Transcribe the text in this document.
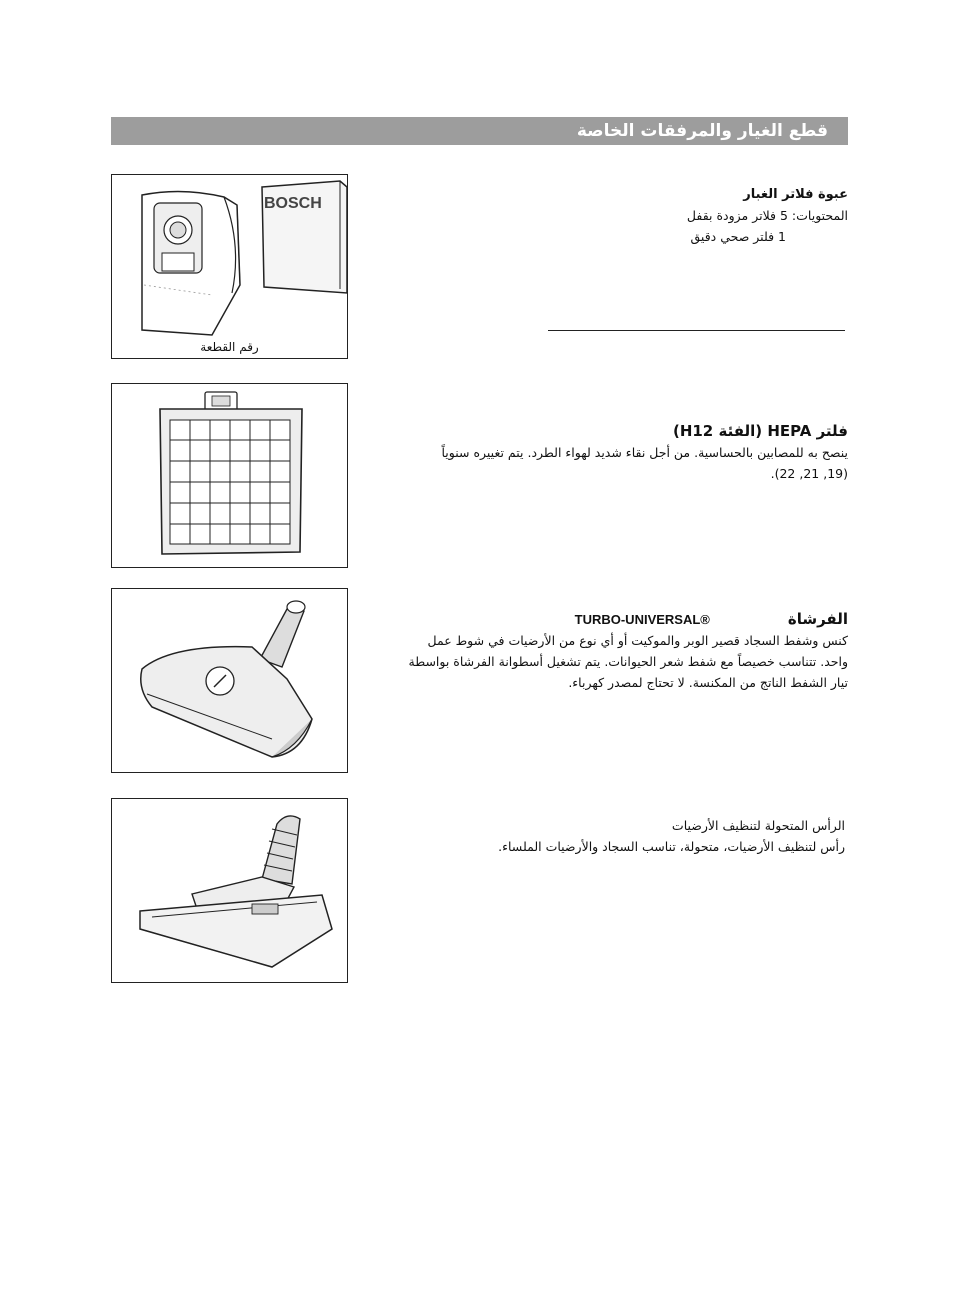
قطع الغيار والمرفقات الخاصة
BOSCH
رقم القطعة
عبوة فلاتر الغبار
المحتويات: 5 فلاتر مزودة بقفل
1 فلتر صحي دقيق
فلتر HEPA (الفئة H12)
ينصح به للمصابين بالحساسية. من أجل نقاء شديد لهواء الطرد. يتم تغييره سنوياً
(19, 21, 22).
الفرشاة  TURBO-UNIVERSAL®
كنس وشفط السجاد قصير الوبر والموكيت أو أي نوع من الأرضيات في شوط عمل
واحد. تتناسب خصيصاً مع شفط شعر الحيوانات. يتم تشغيل أسطوانة الفرشاة بواسطة
تيار الشفط الناتج من المكنسة. لا تحتاج لمصدر كهرباء.
الرأس المتحولة لتنظيف الأرضيات
رأس لتنظيف الأرضيات، متحولة، تناسب السجاد والأرضيات الملساء.
